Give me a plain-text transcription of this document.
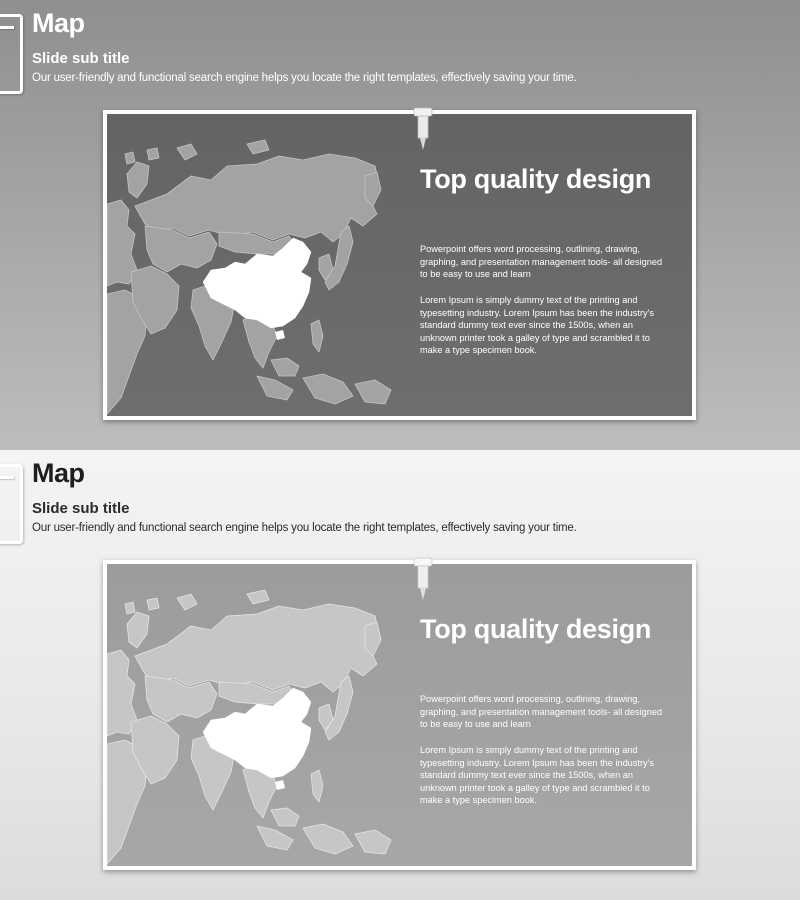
Map
Slide sub title

Our user-friendly and functional search engine helps you locate the right templates, effectively saving your time.

Top quality design

Powerpoint offers word processing, outlining, drawing, graphing, and presentation management tools- all designed to be easy to use and learn

Lorem Ipsum is simply dummy text of the printing and typesetting industry. Lorem Ipsum has been the industry's standard dummy text ever since the 1500s, when an unknown printer took a galley of type and scrambled it to make a type specimen book.

Map
Slide sub title

Our user-friendly and functional search engine helps you locate the right templates, effectively saving your time.

Top quality design

Powerpoint offers word processing, outlining, drawing, graphing, and presentation management tools- all designed to be easy to use and learn

Lorem Ipsum is simply dummy text of the printing and typesetting industry. Lorem Ipsum has been the industry's standard dummy text ever since the 1500s, when an unknown printer took a galley of type and scrambled it to make a type specimen book.
